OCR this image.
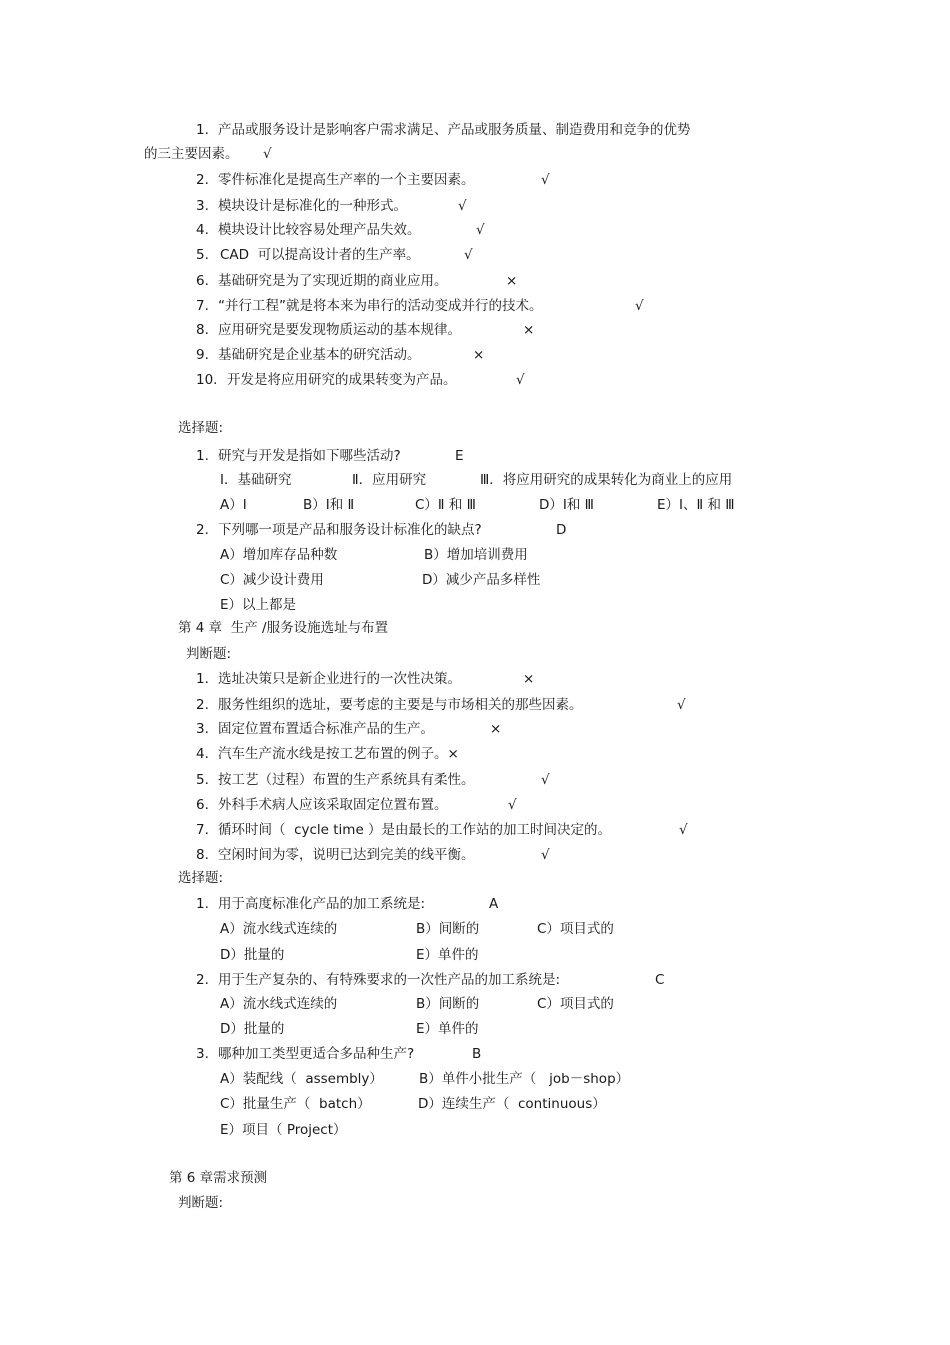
1. 产品或服务设计是影响客户需求满足、产品或服务质量、制造费用和竞争的优势
的三主要因素。 √
2. 零件标准化是提高生产率的一个主要因素。	√
3. 模块设计是标准化的一种形式。	√
4. 模块设计比较容易处理产品失效。	√
5. CAD  可以提高设计者的生产率。	√
6. 基础研究是为了实现近期的商业应用。	×
7. “并行工程”就是将本来为串行的活动变成并行的技术。	√
8. 应用研究是要发现物质运动的基本规律。	×
9. 基础研究是企业基本的研究活动。	×
10. 开发是将应用研究的成果转变为产品。	√
选择题:
1. 研究与开发是指如下哪些活动?	E
Ⅰ．基础研究	Ⅱ．应用研究	Ⅲ．将应用研究的成果转化为商业上的应用
A）Ⅰ	B）Ⅰ和 Ⅱ	C）Ⅱ 和 Ⅲ	D）Ⅰ和 Ⅲ	E）Ⅰ、Ⅱ 和 Ⅲ
2. 下列哪一项是产品和服务设计标准化的缺点?	D
A）增加库存品种数	B）增加培训费用
C）减少设计费用	D）减少产品多样性
E）以上都是
第 4 章  生产 /服务设施选址与布置
判断题:
1. 选址决策只是新企业进行的一次性决策。	×
2. 服务性组织的选址，要考虑的主要是与市场相关的那些因素。	√
3. 固定位置布置适合标准产品的生产。	×
4. 汽车生产流水线是按工艺布置的例子。×
5. 按工艺（过程）布置的生产系统具有柔性。	√
6. 外科手术病人应该采取固定位置布置。	√
7. 循环时间（  cycle time ）是由最长的工作站的加工时间决定的。	√
8. 空闲时间为零，说明已达到完美的线平衡。	√
选择题:
1. 用于高度标准化产品的加工系统是:	A
A）流水线式连续的	B）间断的	C）项目式的
D）批量的	E）单件的
2. 用于生产复杂的、有特殊要求的一次性产品的加工系统是:	C
A）流水线式连续的	B）间断的	C）项目式的
D）批量的	E）单件的
3. 哪种加工类型更适合多品种生产?	B
A）装配线（  assembly）	B）单件小批生产（   job－shop）
C）批量生产（  batch）	D）连续生产（  continuous）
E）项目（ Project）
第 6 章需求预测
判断题:
